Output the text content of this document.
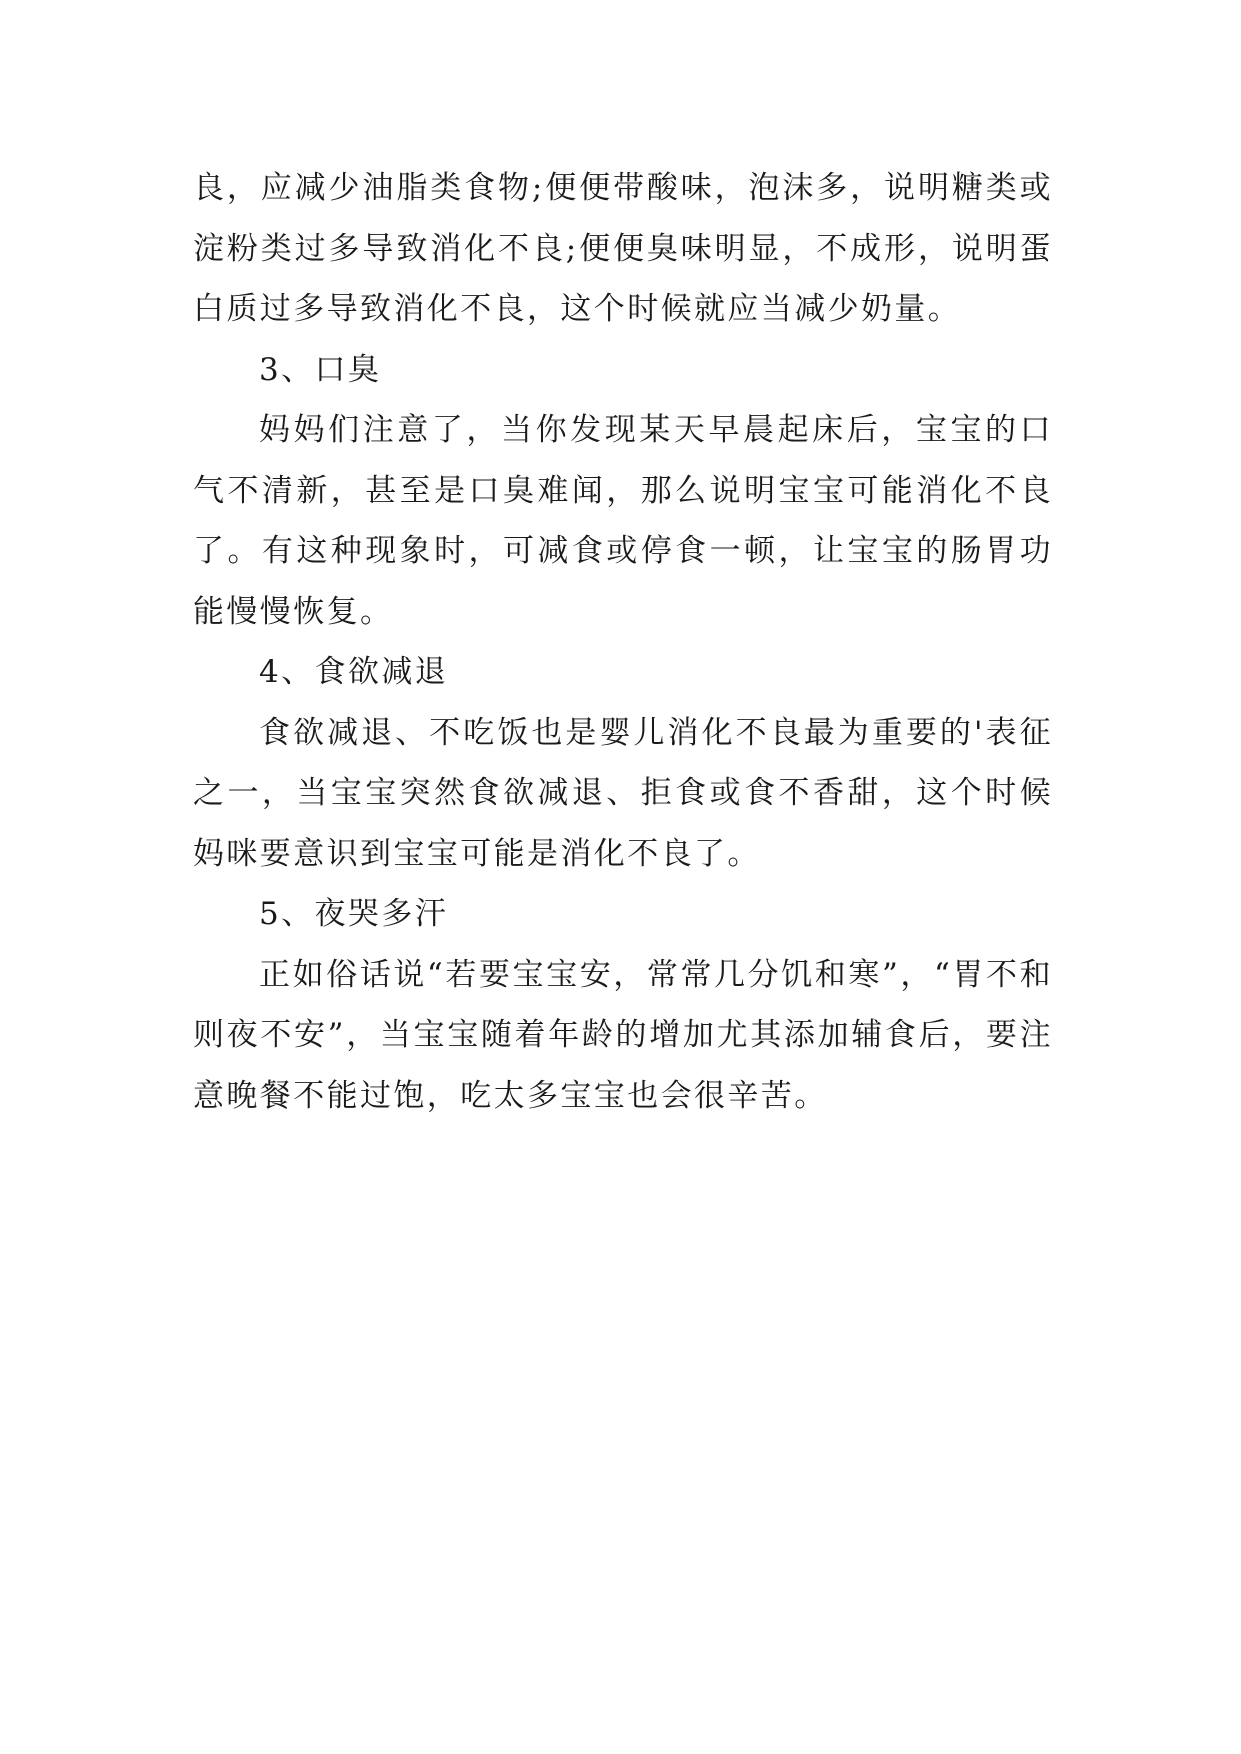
良，应减少油脂类食物;便便带酸味，泡沫多，说明糖类或淀粉类过多导致消化不良;便便臭味明显，不成形，说明蛋白质过多导致消化不良，这个时候就应当减少奶量。

3、口臭

妈妈们注意了，当你发现某天早晨起床后，宝宝的口气不清新，甚至是口臭难闻，那么说明宝宝可能消化不良了。有这种现象时，可减食或停食一顿，让宝宝的肠胃功能慢慢恢复。

4、食欲减退

食欲减退、不吃饭也是婴儿消化不良最为重要的'表征之一，当宝宝突然食欲减退、拒食或食不香甜，这个时候妈咪要意识到宝宝可能是消化不良了。

5、夜哭多汗

正如俗话说“若要宝宝安，常常几分饥和寒”，“胃不和则夜不安”，当宝宝随着年龄的增加尤其添加辅食后，要注意晚餐不能过饱，吃太多宝宝也会很辛苦。
